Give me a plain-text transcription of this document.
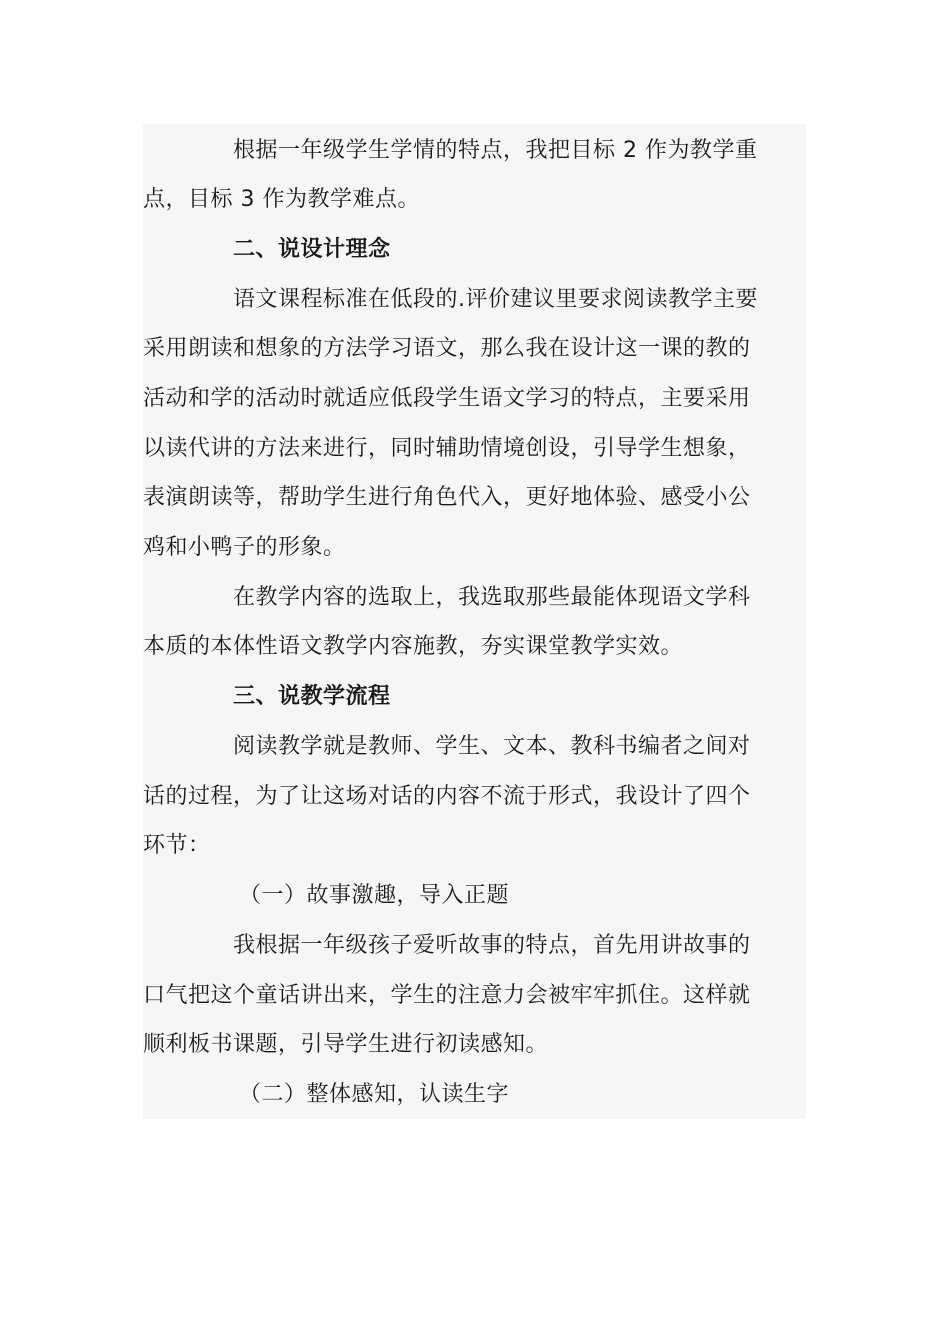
根据一年级学生学情的特点，我把目标 2 作为教学重
点，目标 3 作为教学难点。
二、说设计理念
语文课程标准在低段的.评价建议里要求阅读教学主要
采用朗读和想象的方法学习语文，那么我在设计这一课的教的
活动和学的活动时就适应低段学生语文学习的特点，主要采用
以读代讲的方法来进行，同时辅助情境创设，引导学生想象，
表演朗读等，帮助学生进行角色代入，更好地体验、感受小公
鸡和小鸭子的形象。
在教学内容的选取上，我选取那些最能体现语文学科
本质的本体性语文教学内容施教，夯实课堂教学实效。
三、说教学流程
阅读教学就是教师、学生、文本、教科书编者之间对
话的过程，为了让这场对话的内容不流于形式，我设计了四个
环节：
（一）故事激趣，导入正题
我根据一年级孩子爱听故事的特点，首先用讲故事的
口气把这个童话讲出来，学生的注意力会被牢牢抓住。这样就
顺利板书课题，引导学生进行初读感知。
（二）整体感知，认读生字
